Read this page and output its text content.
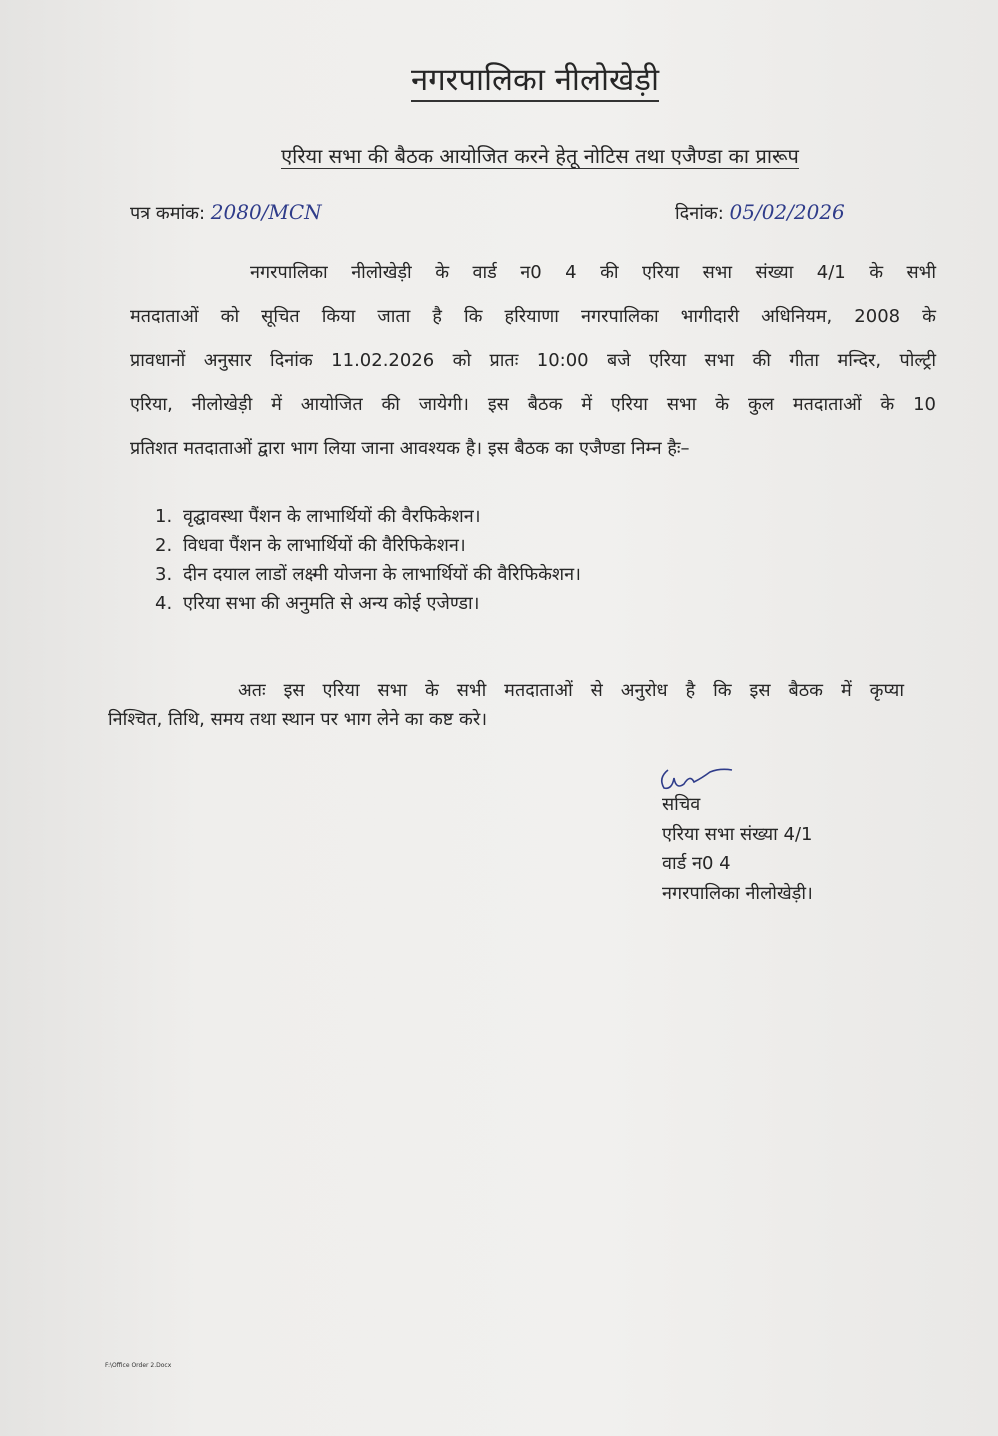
नगरपालिका नीलोखेड़ी
एरिया सभा की बैठक आयोजित करने हेतू नोटिस तथा एजैण्डा का प्रारूप
पत्र कमांक: 2080/MCN	दिनांक: 05/02/2026
नगरपालिका नीलोखेड़ी के वार्ड न0 4 की एरिया सभा संख्या 4/1 के सभी
मतदाताओं को सूचित किया जाता है कि हरियाणा नगरपालिका भागीदारी अधिनियम, 2008 के
प्रावधानों अनुसार दिनांक 11.02.2026 को प्रातः 10:00 बजे एरिया सभा की गीता मन्दिर, पोल्ट्री
एरिया, नीलोखेड़ी में आयोजित की जायेगी। इस बैठक में एरिया सभा के कुल मतदाताओं के 10
प्रतिशत मतदाताओं द्वारा भाग लिया जाना आवश्यक है। इस बैठक का एजैण्डा निम्न हैः–
1. वृद्घावस्था पैंशन के लाभार्थियों की वैरफिकेशन।
2. विधवा पैंशन के लाभार्थियों की वैरिफिकेशन।
3. दीन दयाल लाडों लक्ष्मी योजना के लाभार्थियों की वैरिफिकेशन।
4. एरिया सभा की अनुमति से अन्य कोई एजेण्डा।
अतः इस एरिया सभा के सभी मतदाताओं से अनुरोध है कि इस बैठक में कृप्या
निश्चित, तिथि, समय तथा स्थान पर भाग लेने का कष्ट करे।
सचिव
एरिया सभा संख्या 4/1
वार्ड न0 4
नगरपालिका नीलोखेड़ी।
F:\Office Order 2.Docx
